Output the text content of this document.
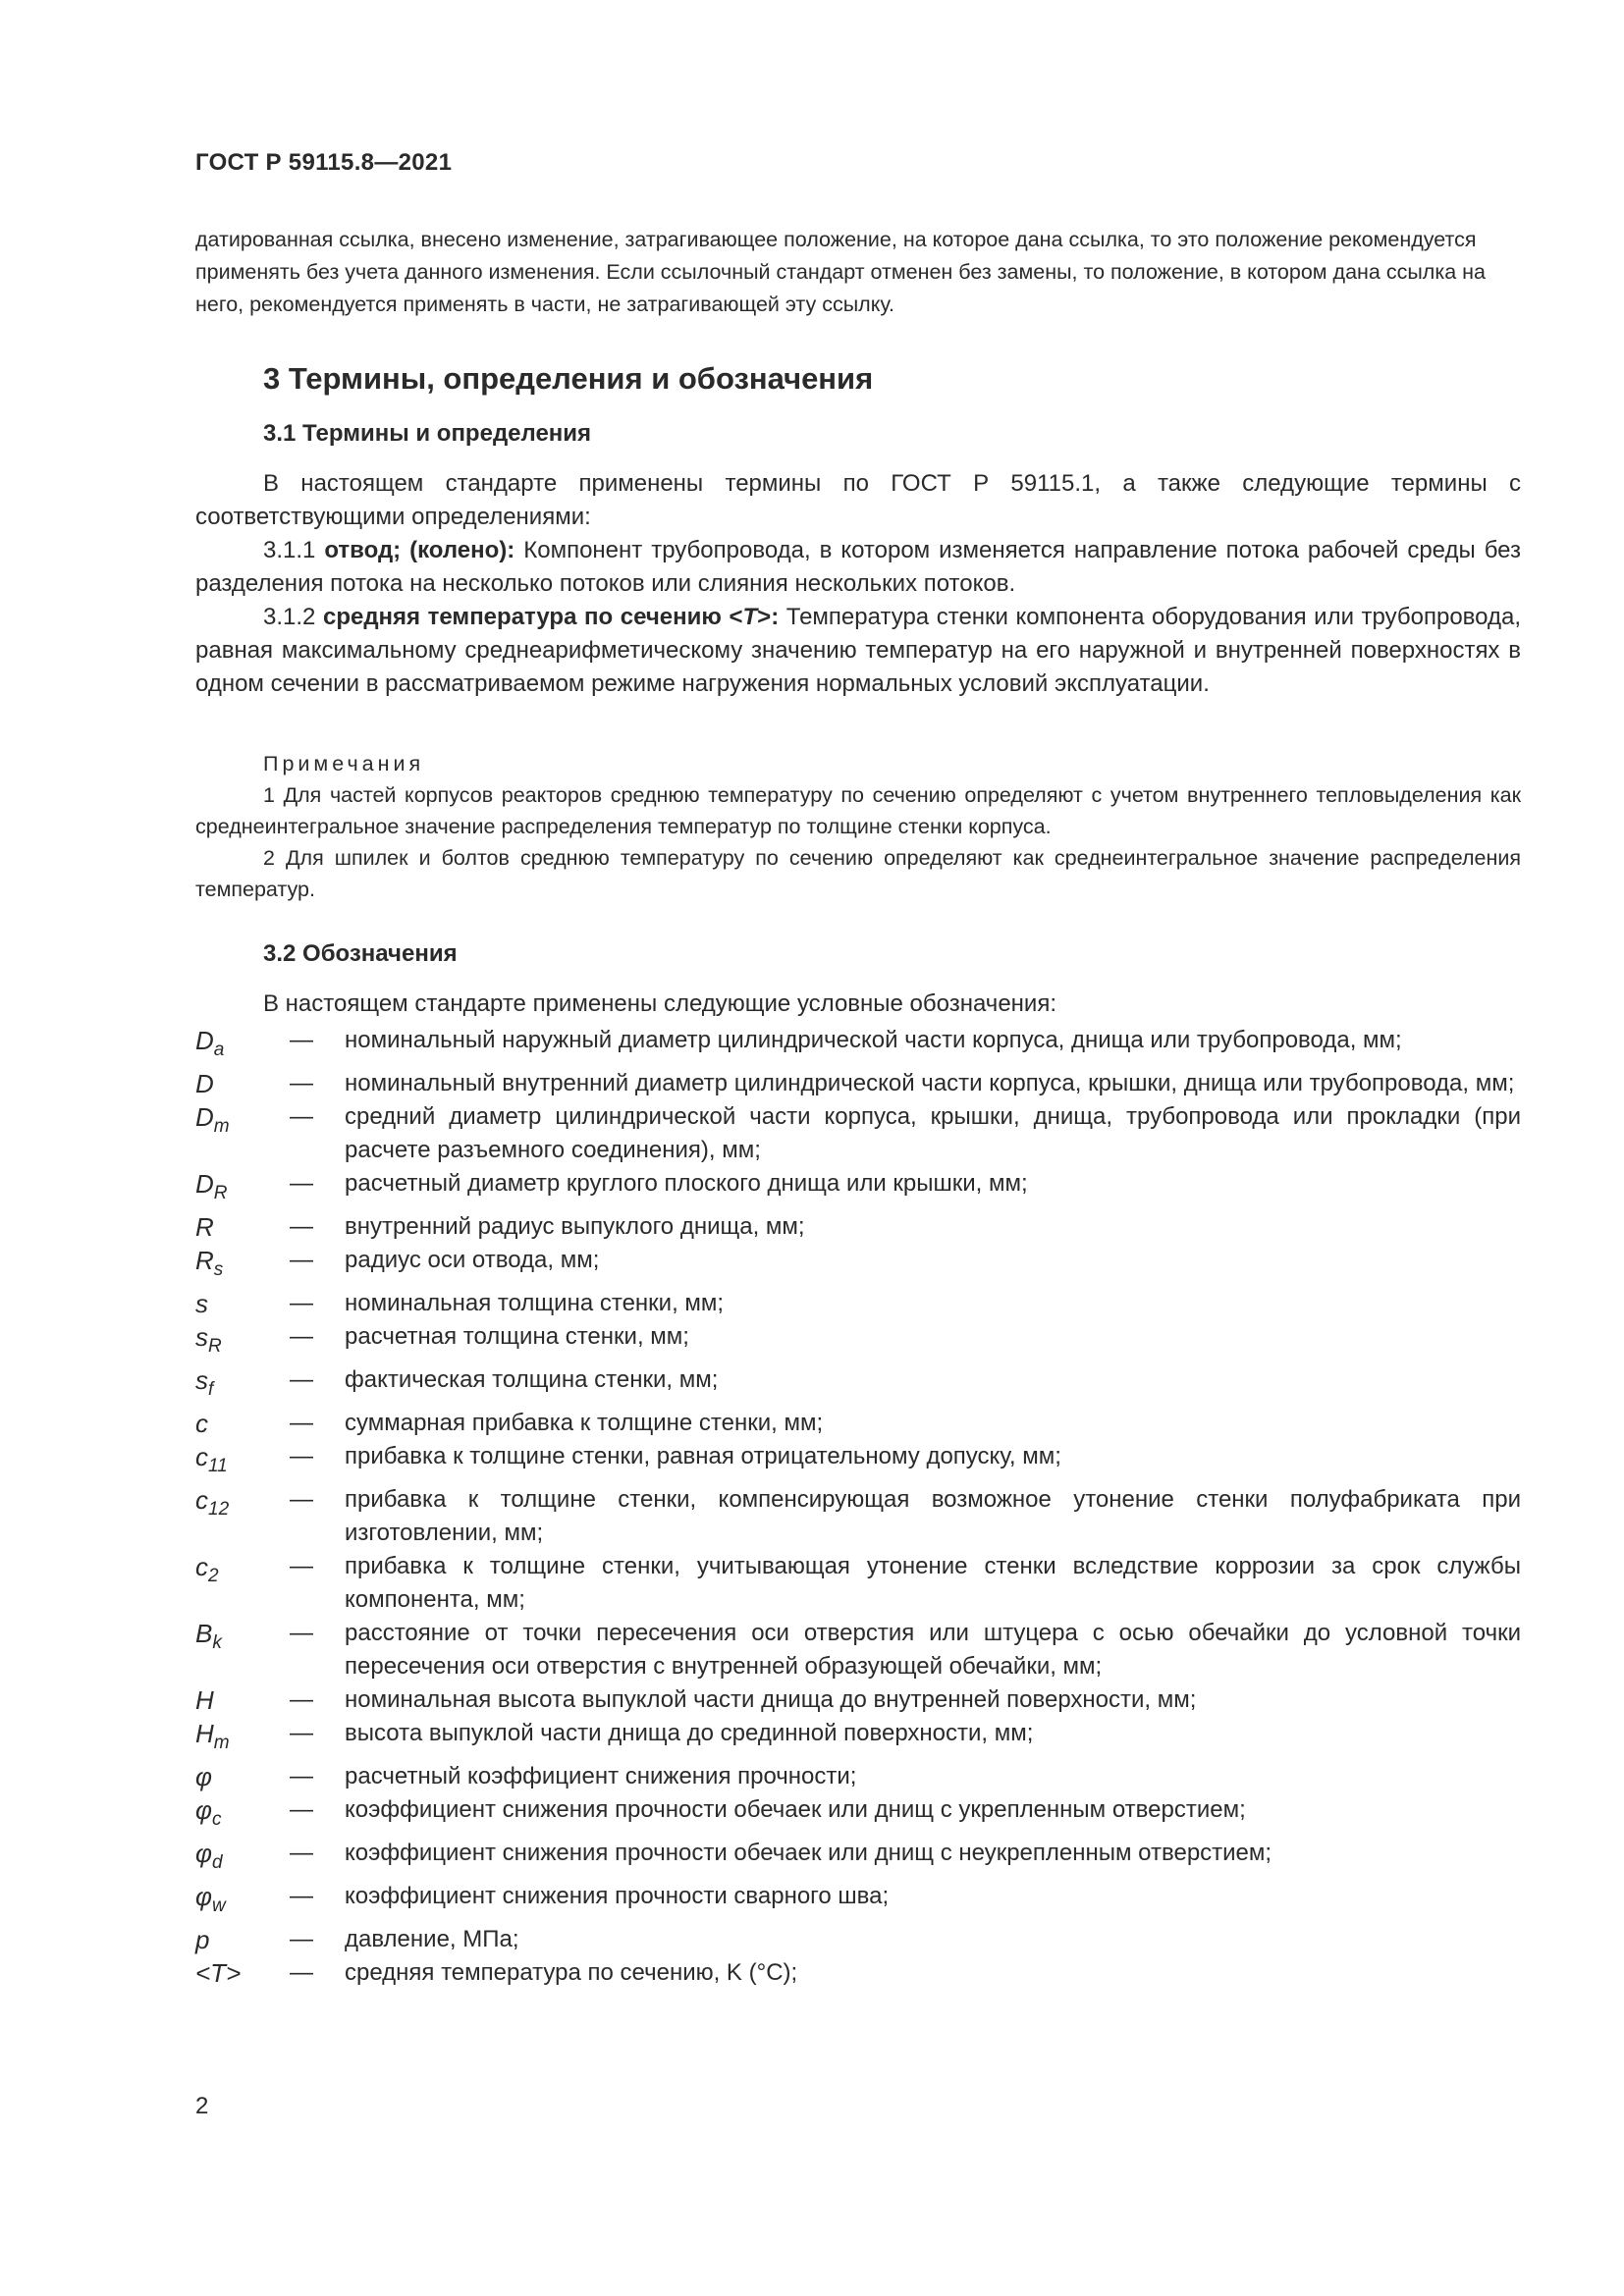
ГОСТ Р 59115.8—2021

датированная ссылка, внесено изменение, затрагивающее положение, на которое дана ссылка, то это положение рекомендуется применять без учета данного изменения. Если ссылочный стандарт отменен без замены, то положение, в котором дана ссылка на него, рекомендуется применять в части, не затрагивающей эту ссылку.

3 Термины, определения и обозначения
3.1 Термины и определения

В настоящем стандарте применены термины по ГОСТ Р 59115.1, а также следующие термины с соответствующими определениями:

3.1.1 отвод; (колено): Компонент трубопровода, в котором изменяется направление потока рабочей среды без разделения потока на несколько потоков или слияния нескольких потоков.

3.1.2 средняя температура по сечению <T>: Температура стенки компонента оборудования или трубопровода, равная максимальному среднеарифметическому значению температур на его наружной и внутренней поверхностях в одном сечении в рассматриваемом режиме нагружения нормальных условий эксплуатации.

Примечания

1 Для частей корпусов реакторов среднюю температуру по сечению определяют с учетом внутреннего тепловыделения как среднеинтегральное значение распределения температур по толщине стенки корпуса.

2 Для шпилек и болтов среднюю температуру по сечению определяют как среднеинтегральное значение распределения температур.

3.2 Обозначения

В настоящем стандарте применены следующие условные обозначения:

$D_a$	—	номинальный наружный диаметр цилиндрической части корпуса, днища или трубопровода, мм;
D	—	номинальный внутренний диаметр цилиндрической части корпуса, крышки, днища или трубопровода, мм;
$D_m$	—	средний диаметр цилиндрической части корпуса, крышки, днища, трубопровода или прокладки (при расчете разъемного соединения), мм;
$D_R$	—	расчетный диаметр круглого плоского днища или крышки, мм;
R	—	внутренний радиус выпуклого днища, мм;
$R_s$	—	радиус оси отвода, мм;
s	—	номинальная толщина стенки, мм;
$s_R$	—	расчетная толщина стенки, мм;
$s_f$	—	фактическая толщина стенки, мм;
c	—	суммарная прибавка к толщине стенки, мм;
$c_{11}$	—	прибавка к толщине стенки, равная отрицательному допуску, мм;
$c_{12}$	—	прибавка к толщине стенки, компенсирующая возможное утонение стенки полуфабриката при изготовлении, мм;
$c_2$	—	прибавка к толщине стенки, учитывающая утонение стенки вследствие коррозии за срок службы компонента, мм;
$B_k$	—	расстояние от точки пересечения оси отверстия или штуцера с осью обечайки до условной точки пересечения оси отверстия с внутренней образующей обечайки, мм;
H	—	номинальная высота выпуклой части днища до внутренней поверхности, мм;
$H_m$	—	высота выпуклой части днища до срединной поверхности, мм;
φ	—	расчетный коэффициент снижения прочности;
$\varphi_c$	—	коэффициент снижения прочности обечаек или днищ с укрепленным отверстием;
$\varphi_d$	—	коэффициент снижения прочности обечаек или днищ с неукрепленным отверстием;
$\varphi_w$	—	коэффициент снижения прочности сварного шва;
p	—	давление, МПа;
<T>	—	средняя температура по сечению, K (°C);
2
